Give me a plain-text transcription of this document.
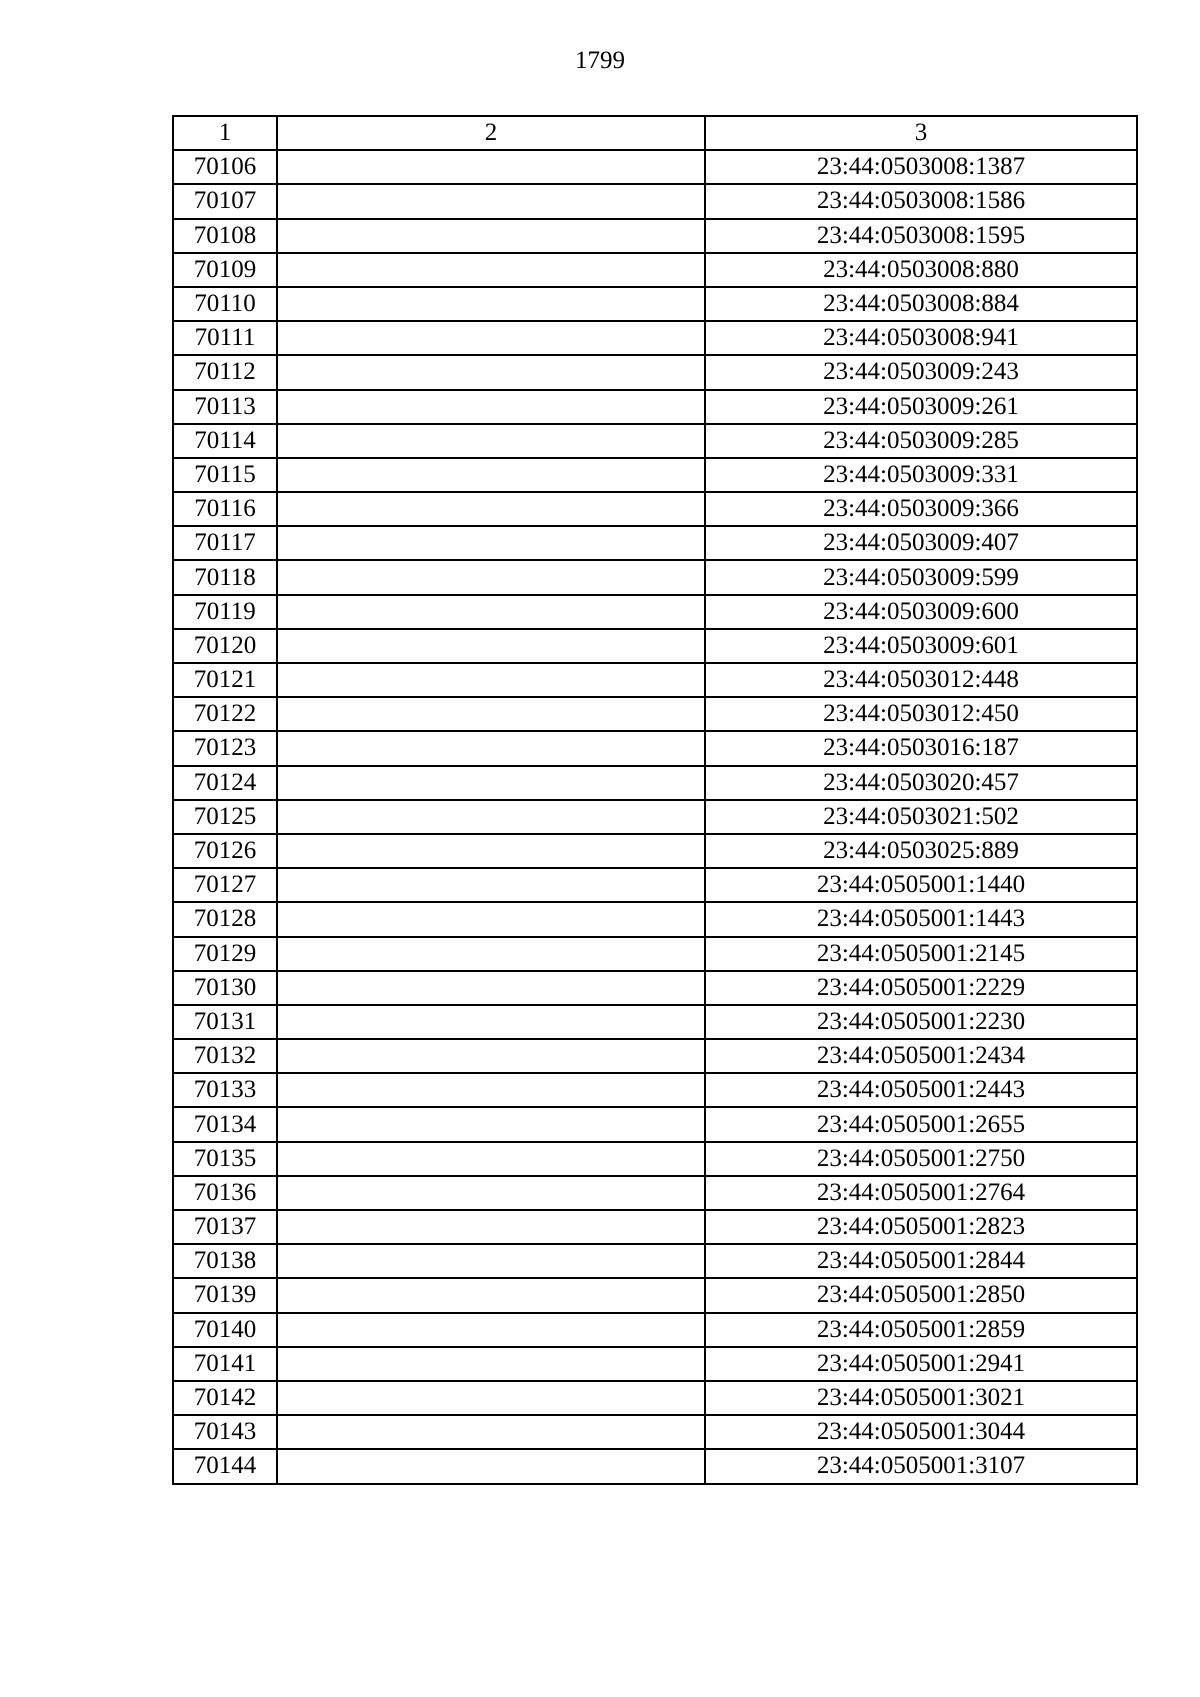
1799
1	2	3
70106		23:44:0503008:1387
70107		23:44:0503008:1586
70108		23:44:0503008:1595
70109		23:44:0503008:880
70110		23:44:0503008:884
70111		23:44:0503008:941
70112		23:44:0503009:243
70113		23:44:0503009:261
70114		23:44:0503009:285
70115		23:44:0503009:331
70116		23:44:0503009:366
70117		23:44:0503009:407
70118		23:44:0503009:599
70119		23:44:0503009:600
70120		23:44:0503009:601
70121		23:44:0503012:448
70122		23:44:0503012:450
70123		23:44:0503016:187
70124		23:44:0503020:457
70125		23:44:0503021:502
70126		23:44:0503025:889
70127		23:44:0505001:1440
70128		23:44:0505001:1443
70129		23:44:0505001:2145
70130		23:44:0505001:2229
70131		23:44:0505001:2230
70132		23:44:0505001:2434
70133		23:44:0505001:2443
70134		23:44:0505001:2655
70135		23:44:0505001:2750
70136		23:44:0505001:2764
70137		23:44:0505001:2823
70138		23:44:0505001:2844
70139		23:44:0505001:2850
70140		23:44:0505001:2859
70141		23:44:0505001:2941
70142		23:44:0505001:3021
70143		23:44:0505001:3044
70144		23:44:0505001:3107
